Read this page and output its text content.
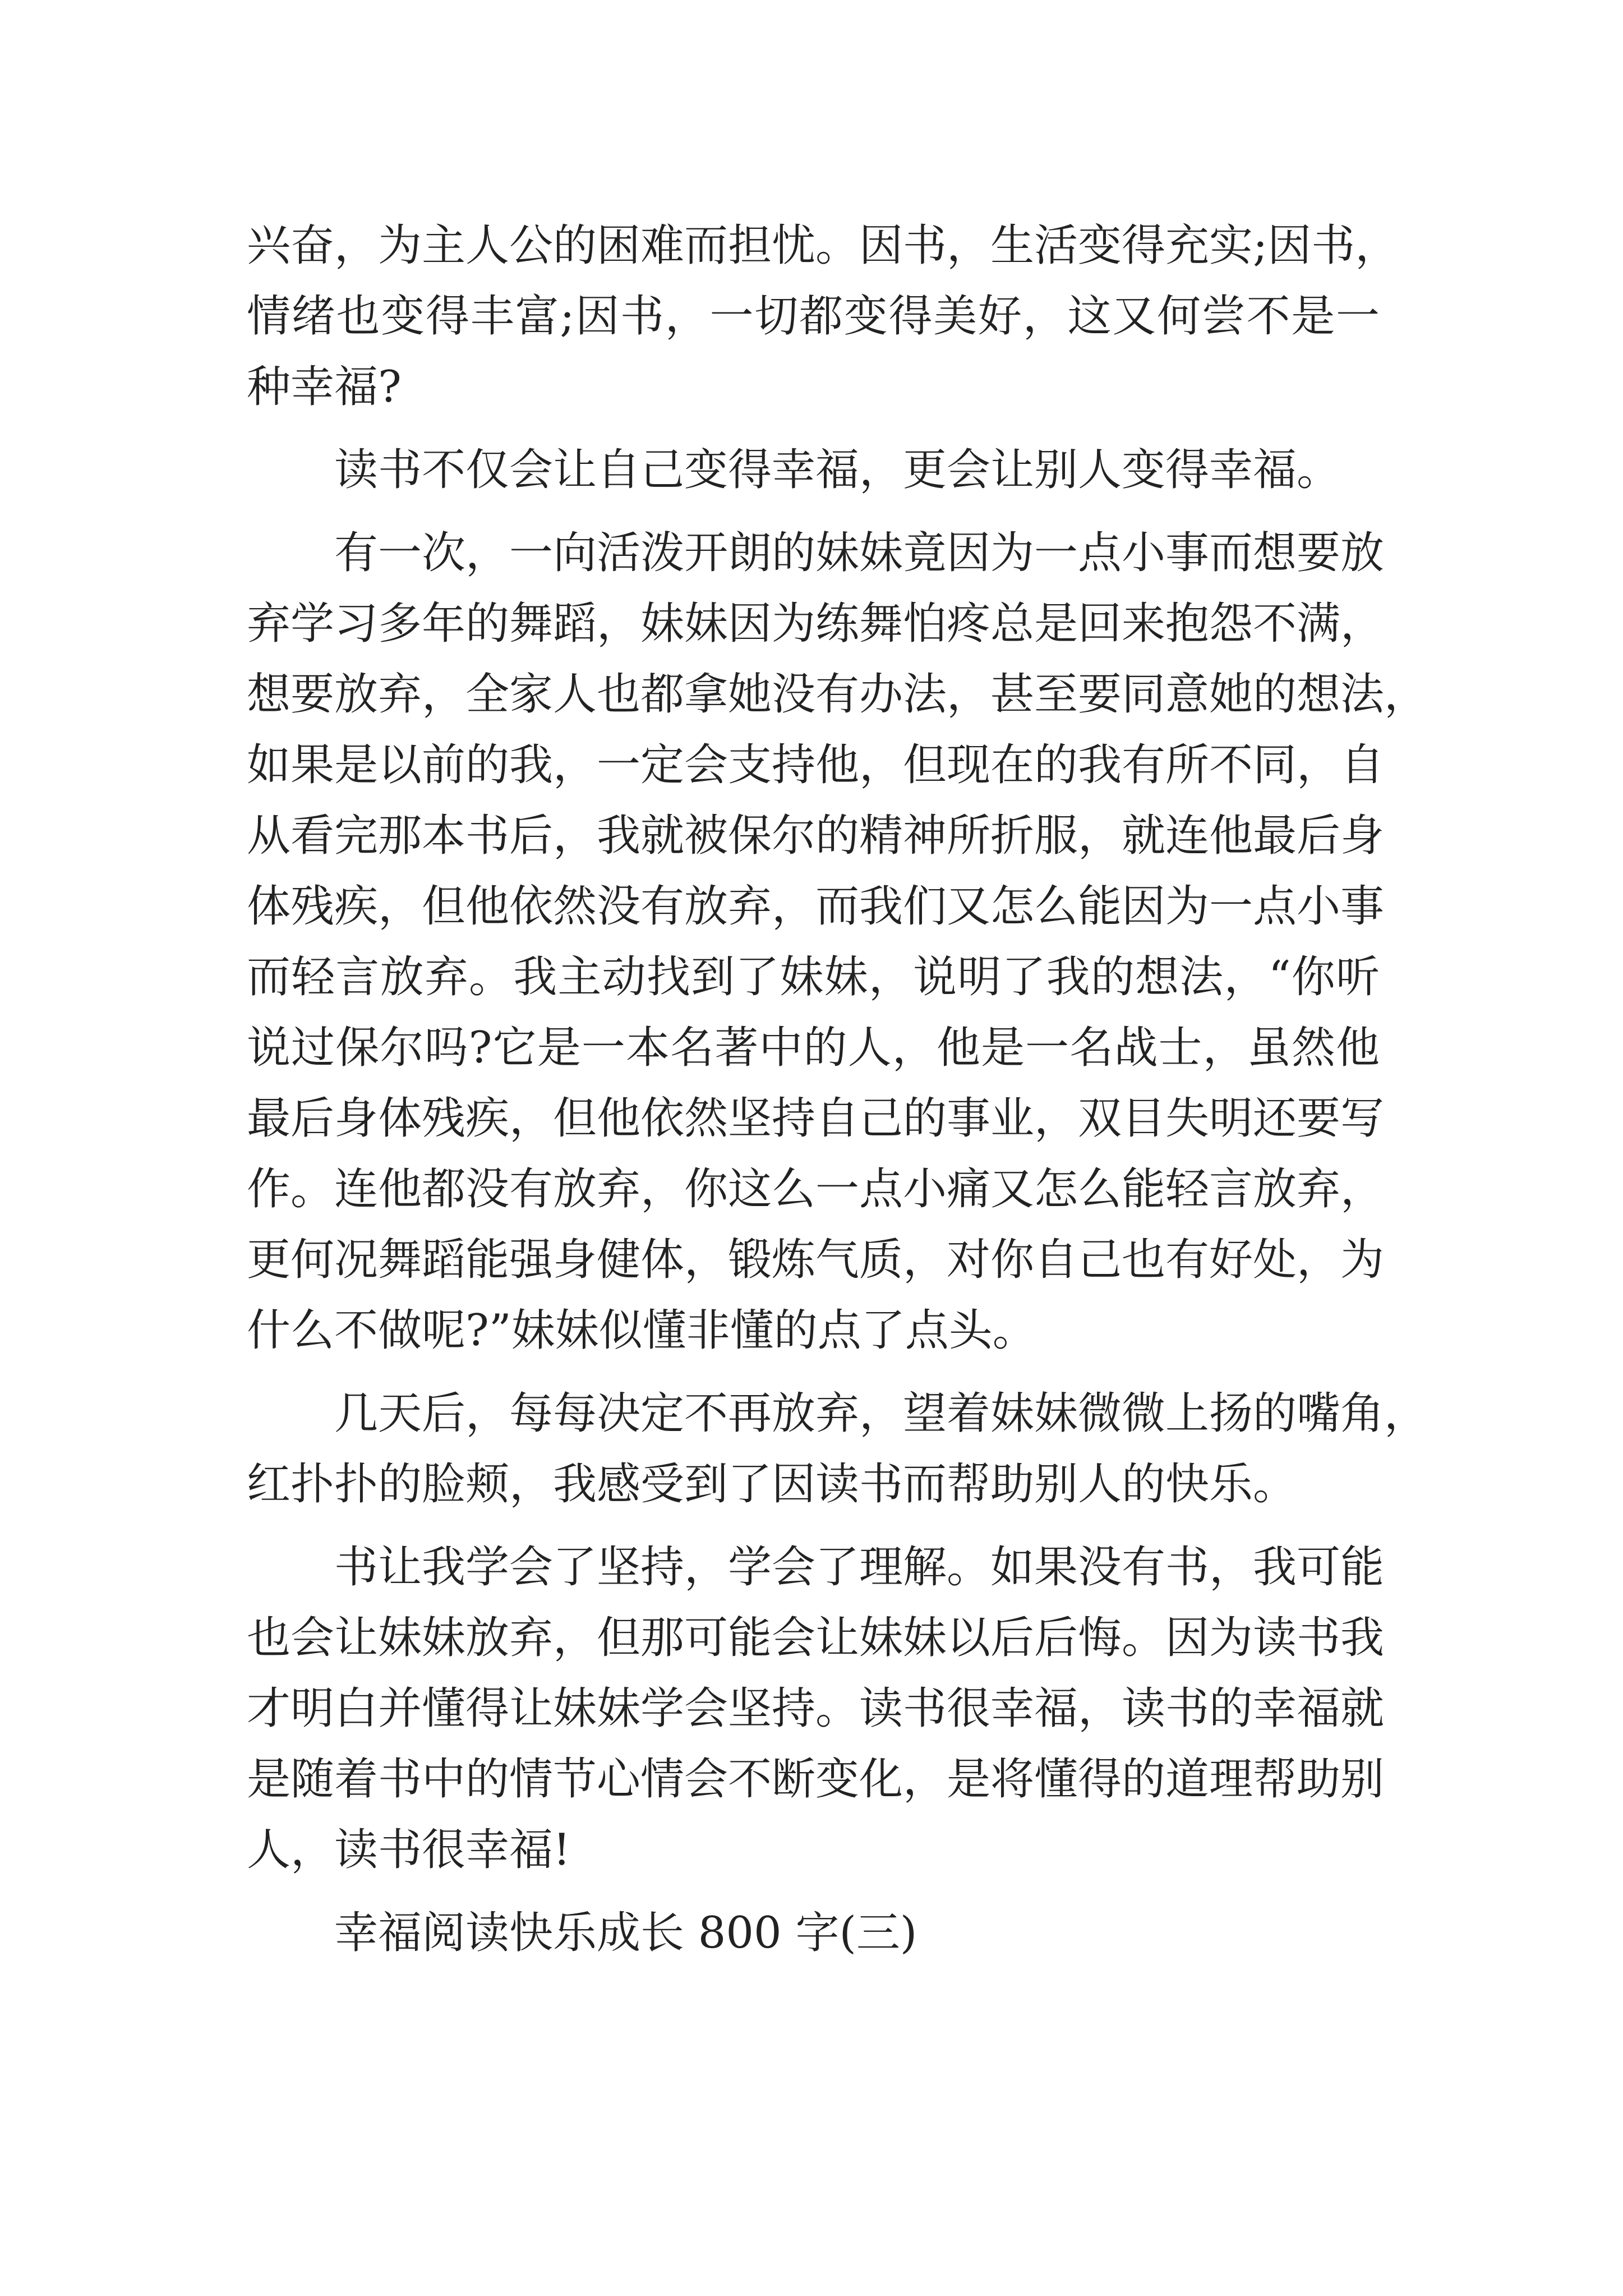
兴奋，为主人公的困难而担忧。因书，生活变得充实;因书，
情绪也变得丰富;因书，一切都变得美好，这又何尝不是一
种幸福?
读书不仅会让自己变得幸福，更会让别人变得幸福。
有一次，一向活泼开朗的妹妹竟因为一点小事而想要放
弃学习多年的舞蹈，妹妹因为练舞怕疼总是回来抱怨不满，
想要放弃，全家人也都拿她没有办法，甚至要同意她的想法，
如果是以前的我，一定会支持他，但现在的我有所不同，自
从看完那本书后，我就被保尔的精神所折服，就连他最后身
体残疾，但他依然没有放弃，而我们又怎么能因为一点小事
而轻言放弃。我主动找到了妹妹，说明了我的想法，“你听
说过保尔吗?它是一本名著中的人，他是一名战士，虽然他
最后身体残疾，但他依然坚持自己的事业，双目失明还要写
作。连他都没有放弃，你这么一点小痛又怎么能轻言放弃，
更何况舞蹈能强身健体，锻炼气质，对你自己也有好处，为
什么不做呢?”妹妹似懂非懂的点了点头。
几天后，每每决定不再放弃，望着妹妹微微上扬的嘴角，
红扑扑的脸颊，我感受到了因读书而帮助别人的快乐。
书让我学会了坚持，学会了理解。如果没有书，我可能
也会让妹妹放弃，但那可能会让妹妹以后后悔。因为读书我
才明白并懂得让妹妹学会坚持。读书很幸福，读书的幸福就
是随着书中的情节心情会不断变化，是将懂得的道理帮助别
人，读书很幸福!
幸福阅读快乐成长 800 字(三)
